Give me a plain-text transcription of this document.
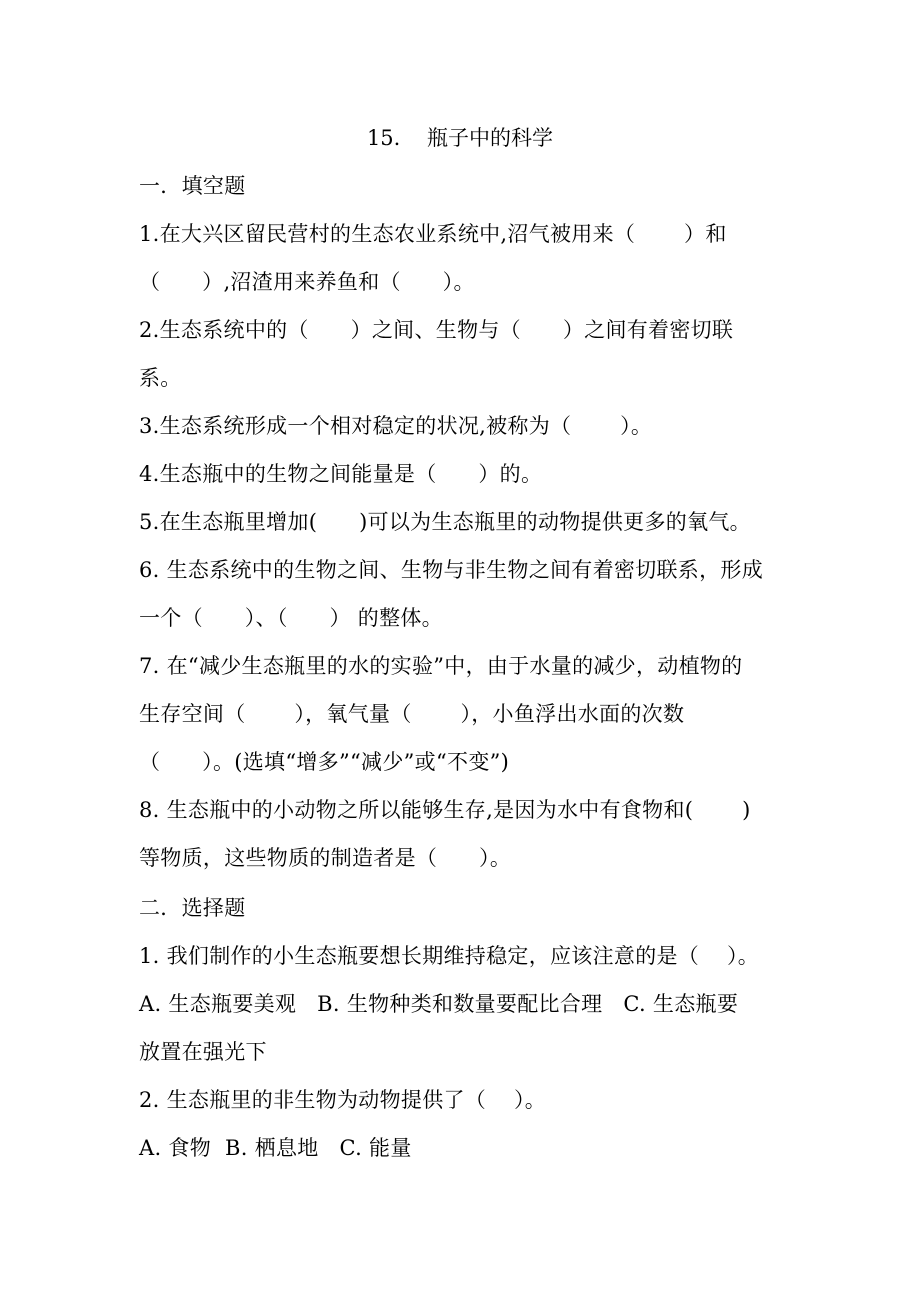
15.    瓶子中的科学
一．填空题
1.在大兴区留民营村的生态农业系统中,沼气被用来（       ）和
（      ）,沼渣用来养鱼和（      ）。
2.生态系统中的（      ）之间、生物与（      ）之间有着密切联
系。
3.生态系统形成一个相对稳定的状况,被称为（       ）。
4.生态瓶中的生物之间能量是（      ）的。
5.在生态瓶里增加(      )可以为生态瓶里的动物提供更多的氧气。
6. 生态系统中的生物之间、生物与非生物之间有着密切联系，形成
一个（      ）、（      ） 的整体。
7. 在“减少生态瓶里的水的实验”中，由于水量的减少，动植物的
生存空间（       ），氧气量（       ），小鱼浮出水面的次数
（      ）。(选填“增多”“减少”或“不变”)
8. 生态瓶中的小动物之所以能够生存,是因为水中有食物和(       )
等物质，这些物质的制造者是（      ）。
二．选择题
1. 我们制作的小生态瓶要想长期维持稳定，应该注意的是（    ）。
A. 生态瓶要美观   B. 生物种类和数量要配比合理   C. 生态瓶要
放置在强光下
2. 生态瓶里的非生物为动物提供了（    ）。
A. 食物  B. 栖息地   C. 能量
